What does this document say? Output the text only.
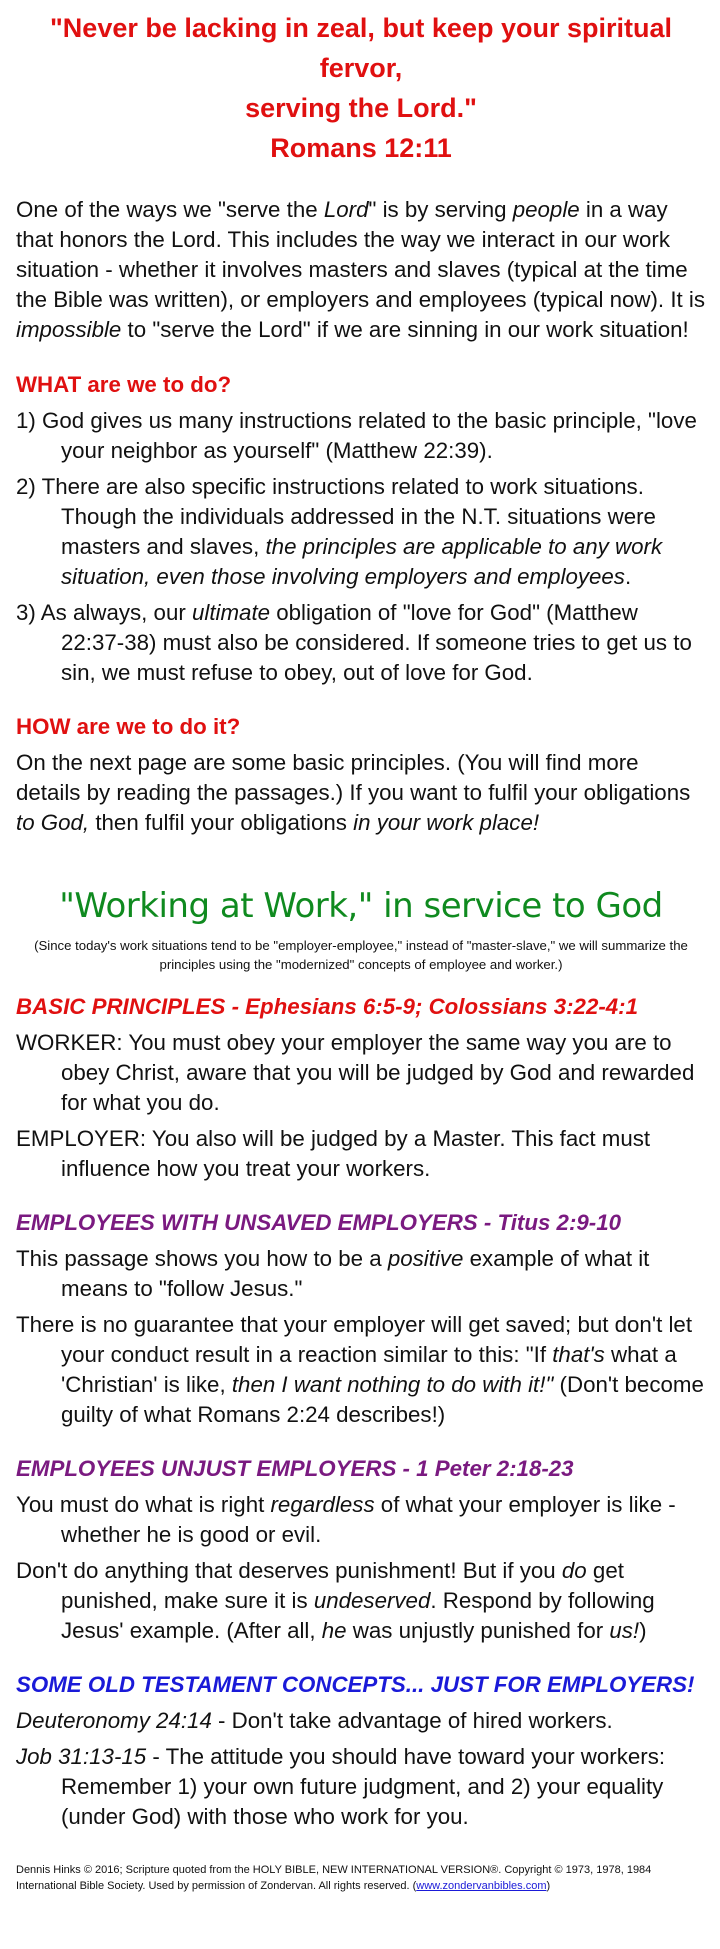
"Never be lacking in zeal, but keep your spiritual fervor,

serving the Lord."

Romans 12:11

One of the ways we "serve the Lord" is by serving people in a way that honors the Lord. This includes the way we interact in our work situation - whether it involves masters and slaves (typical at the time the Bible was written), or employers and employees (typical now). It is impossible to "serve the Lord" if we are sinning in our work situation!

WHAT are we to do?

1) God gives us many instructions related to the basic principle, "love your neighbor as yourself" (Matthew 22:39).

2) There are also specific instructions related to work situations. Though the individuals addressed in the N.T. situations were masters and slaves, the principles are applicable to any work situation, even those involving employers and employees.

3) As always, our ultimate obligation of "love for God" (Matthew 22:37-38) must also be considered. If someone tries to get us to sin, we must refuse to obey, out of love for God.

HOW are we to do it?

On the next page are some basic principles. (You will find more details by reading the passages.) If you want to fulfil your obligations to God, then fulfil your obligations in your work place!

"Working at Work," in service to God

(Since today's work situations tend to be "employer-employee," instead of "master-slave," we will summarize the principles using the "modernized" concepts of employee and worker.)

BASIC PRINCIPLES - Ephesians 6:5-9; Colossians 3:22-4:1

WORKER: You must obey your employer the same way you are to obey Christ, aware that you will be judged by God and rewarded for what you do.

EMPLOYER: You also will be judged by a Master. This fact must influence how you treat your workers.

EMPLOYEES WITH UNSAVED EMPLOYERS - Titus 2:9-10

This passage shows you how to be a positive example of what it means to "follow Jesus."

There is no guarantee that your employer will get saved; but don't let your conduct result in a reaction similar to this: "If that's what a 'Christian' is like, then I want nothing to do with it!" (Don't become guilty of what Romans 2:24 describes!)

EMPLOYEES UNJUST EMPLOYERS - 1 Peter 2:18-23

You must do what is right regardless of what your employer is like - whether he is good or evil.

Don't do anything that deserves punishment! But if you do get punished, make sure it is undeserved. Respond by following Jesus' example. (After all, he was unjustly punished for us!)

SOME OLD TESTAMENT CONCEPTS... JUST FOR EMPLOYERS!

Deuteronomy 24:14 - Don't take advantage of hired workers.

Job 31:13-15 - The attitude you should have toward your workers: Remember 1) your own future judgment, and 2) your equality (under God) with those who work for you.

Dennis Hinks © 2016; Scripture quoted from the HOLY BIBLE, NEW INTERNATIONAL VERSION®. Copyright © 1973, 1978, 1984 International Bible Society. Used by permission of Zondervan. All rights reserved. (www.zondervanbibles.com)
